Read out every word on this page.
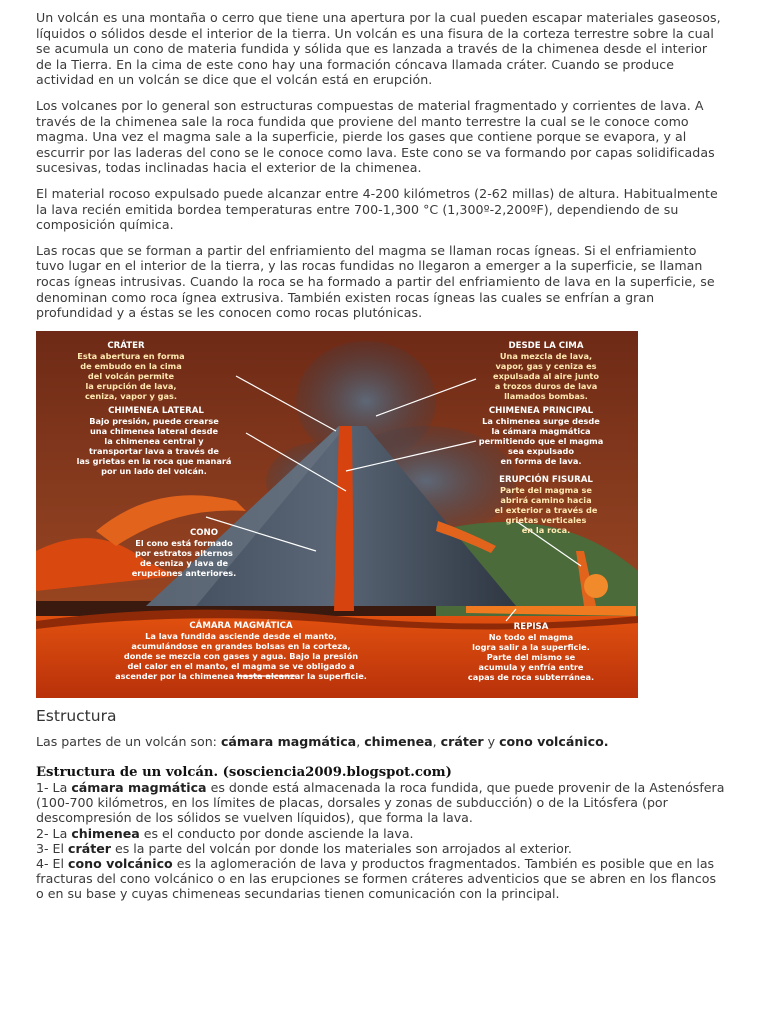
Un volcán es una montaña o cerro que tiene una apertura por la cual pueden escapar materiales gaseosos, líquidos o sólidos desde el interior de la tierra. Un volcán es una fisura de la corteza terrestre sobre la cual se acumula un cono de materia fundida y sólida que es lanzada a través de la chimenea desde el interior de la Tierra. En la cima de este cono hay una formación cóncava llamada cráter. Cuando se produce actividad en un volcán se dice que el volcán está en erupción.

Los volcanes por lo general son estructuras compuestas de material fragmentado y corrientes de lava. A través de la chimenea sale la roca fundida que proviene del manto terrestre la cual se le conoce como magma. Una vez el magma sale a la superficie, pierde los gases que contiene porque se evapora, y al escurrir por las laderas del cono se le conoce como lava. Este cono se va formando por capas solidificadas sucesivas, todas inclinadas hacia el exterior de la chimenea.

El material rocoso expulsado puede alcanzar entre 4-200 kilómetros (2-62 millas) de altura. Habitualmente la lava recién emitida bordea temperaturas entre 700-1,300 °C (1,300º-2,200ºF), dependiendo de su composición química.

Las rocas que se forman a partir del enfriamiento del magma se llaman rocas ígneas. Si el enfriamiento tuvo lugar en el interior de la tierra, y las rocas fundidas no llegaron a emerger a la superficie, se llaman rocas ígneas intrusivas. Cuando la roca se ha formado a partir del enfriamiento de lava en la superficie, se denominan como roca ígnea extrusiva. También existen rocas ígneas las cuales se enfrían a gran profundidad y a éstas se les conocen como rocas plutónicas.

CRÁTER
Esta abertura en forma
de embudo en la cima
del volcán permite
la erupción de lava,
ceniza, vapor y gas.
CHIMENEA LATERAL
Bajo presión, puede crearse
una chimenea lateral desde
la chimenea central y
transportar lava a través de
las grietas en la roca que manará
por un lado del volcán.
CONO
El cono está formado
por estratos alternos
de ceniza y lava de
erupciones anteriores.
CÁMARA MAGMÁTICA
La lava fundida asciende desde el manto,
acumulándose en grandes bolsas en la corteza,
donde se mezcla con gases y agua. Bajo la presión
del calor en el manto, el magma se ve obligado a
ascender por la chimenea hasta alcanzar la superficie.
DESDE LA CIMA
Una mezcla de lava,
vapor, gas y ceniza es
expulsada al aire junto
a trozos duros de lava
llamados bombas.
CHIMENEA PRINCIPAL
La chimenea surge desde
la cámara magmática
permitiendo que el magma
sea expulsado
en forma de lava.
ERUPCIÓN FISURAL
Parte del magma se
abrirá camino hacia
el exterior a través de
grietas verticales
en la roca.
REPISA
No todo el magma
logra salir a la superficie.
Parte del mismo se
acumula y enfría entre
capas de roca subterránea.
Estructura
Las partes de un volcán son: cámara magmática, chimenea, cráter y cono volcánico.
Estructura de un volcán. (sosciencia2009.blogspot.com)
1- La cámara magmática es donde está almacenada la roca fundida, que puede provenir de la Astenósfera (100-700 kilómetros, en los límites de placas, dorsales y zonas de subducción) o de la Litósfera (por descompresión de los sólidos se vuelven líquidos), que forma la lava.
2- La chimenea es el conducto por donde asciende la lava.
3- El cráter es la parte del volcán por donde los materiales son arrojados al exterior.
4- El cono volcánico es la aglomeración de lava y productos fragmentados. También es posible que en las fracturas del cono volcánico o en las erupciones se formen cráteres adventicios que se abren en los flancos o en su base y cuyas chimeneas secundarias tienen comunicación con la principal.
